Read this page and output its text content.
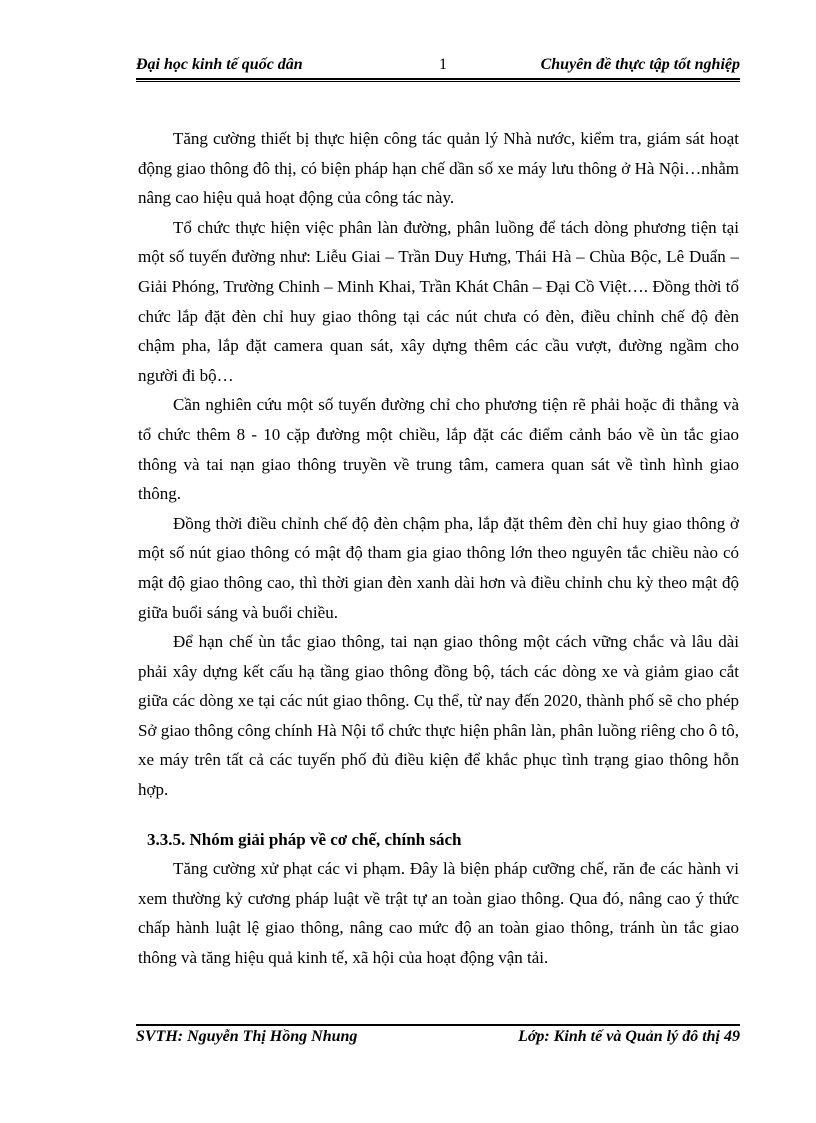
Đại học kinh tế quốc dân	1	Chuyên đề thực tập tốt nghiệp

Tăng cường thiết bị thực hiện công tác quản lý Nhà nước, kiểm tra, giám sát hoạt động giao thông đô thị, có biện pháp hạn chế dần số xe máy lưu thông ở Hà Nội…nhằm nâng cao hiệu quả hoạt động của công tác này.

Tổ chức thực hiện việc phân làn đường, phân luồng để tách dòng phương tiện tại một số tuyến đường như: Liễu Giai – Trần Duy Hưng, Thái Hà – Chùa Bộc, Lê Duẩn – Giải Phóng, Trường Chinh – Minh Khai, Trần Khát Chân – Đại Cồ Việt…. Đồng thời tổ chức lắp đặt đèn chỉ huy giao thông tại các nút chưa có đèn, điều chỉnh chế độ đèn chậm pha, lắp đặt camera quan sát, xây dựng thêm các cầu vượt, đường ngầm cho người đi bộ…

Cần nghiên cứu một số tuyến đường chỉ cho phương tiện rẽ phải hoặc đi thẳng và tổ chức thêm 8 - 10 cặp đường một chiều, lắp đặt các điểm cảnh báo về ùn tắc giao thông và tai nạn giao thông truyền về trung tâm, camera quan sát về tình hình giao thông.

Đồng thời điều chỉnh chế độ đèn chậm pha, lắp đặt thêm đèn chỉ huy giao thông ở một số nút giao thông có mật độ tham gia giao thông lớn theo nguyên tắc chiều nào có mật độ giao thông cao, thì thời gian đèn xanh dài hơn và điều chỉnh chu kỳ theo mật độ giữa buổi sáng và buổi chiều.

Để hạn chế ùn tắc giao thông, tai nạn giao thông một cách vững chắc và lâu dài phải xây dựng kết cấu hạ tầng giao thông đồng bộ, tách các dòng xe và giảm giao cắt giữa các dòng xe tại các nút giao thông. Cụ thể, từ nay đến 2020, thành phố sẽ cho phép Sở giao thông công chính Hà Nội tổ chức thực hiện phân làn, phân luồng riêng cho ô tô, xe máy trên tất cả các tuyến phố đủ điều kiện để khắc phục tình trạng giao thông hỗn hợp.

3.3.5. Nhóm giải pháp về cơ chế, chính sách

Tăng cường xử phạt các vi phạm. Đây là biện pháp cưỡng chế, răn đe các hành vi xem thường kỷ cương pháp luật về trật tự an toàn giao thông. Qua đó, nâng cao ý thức chấp hành luật lệ giao thông, nâng cao mức độ an toàn giao thông, tránh ùn tắc giao thông và tăng hiệu quả kinh tế, xã hội của hoạt động vận tải.

SVTH: Nguyễn Thị Hồng Nhung	Lớp: Kinh tế và Quản lý đô thị 49
